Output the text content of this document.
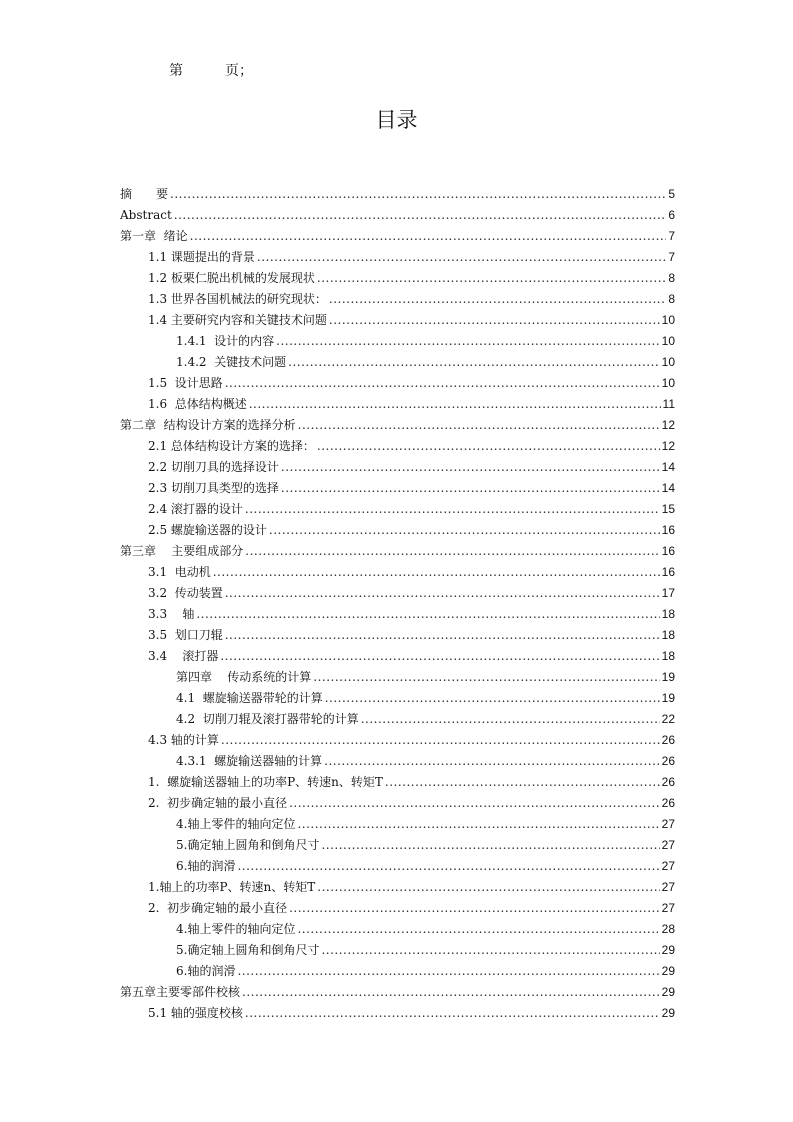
第　　　页；
目录
摘　　要 .....	5
Abstract .....	6
第一章  绪论 .....	7
1.1 课题提出的背景 .....	7
1.2 板栗仁脱出机械的发展现状 .....	8
1.3 世界各国机械法的研究现状： .....	8
1.4 主要研究内容和关键技术问题 .....	10
1.4.1  设计的内容 .....	10
1.4.2  关键技术问题 .....	10
1.5  设计思路 .....	10
1.6  总体结构概述 .....	11
第二章  结构设计方案的选择分析 .....	12
2.1 总体结构设计方案的选择： .....	12
2.2 切削刀具的选择设计 .....	14
2.3 切削刀具类型的选择 .....	14
2.4 滚打器的设计 .....	15
2.5 螺旋输送器的设计 .....	16
第三章    主要组成部分 .....	16
3.1  电动机 .....	16
3.2  传动装置 .....	17
3.3    轴 .....	18
3.5  划口刀辊 .....	18
3.4    滚打器 .....	18
第四章    传动系统的计算 .....	19
4.1  螺旋输送器带轮的计算 .....	19
4.2  切削刀辊及滚打器带轮的计算 .....	22
4.3 轴的计算 .....	26
4.3.1  螺旋输送器轴的计算 .....	26
1.  螺旋输送器轴上的功率P、转速n、转矩T .....	26
2.  初步确定轴的最小直径 .....	26
4.轴上零件的轴向定位 .....	27
5.确定轴上圆角和倒角尺寸 .....	27
6.轴的润滑 .....	27
1.轴上的功率P、转速n、转矩T .....	27
2.  初步确定轴的最小直径 .....	27
4.轴上零件的轴向定位 .....	28
5.确定轴上圆角和倒角尺寸 .....	29
6.轴的润滑 .....	29
第五章主要零部件校核 .....	29
5.1 轴的强度校核 .....	29
